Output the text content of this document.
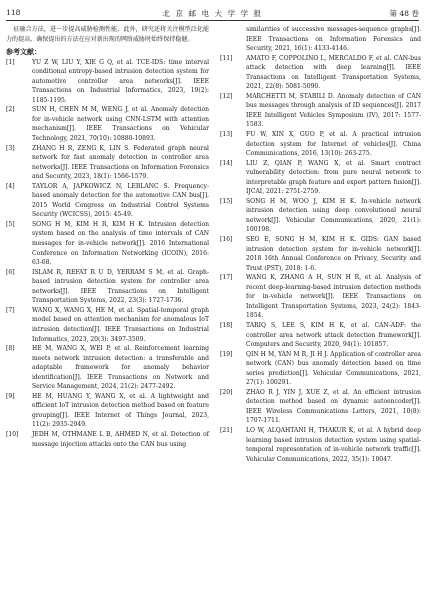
118	北 京 邮 电 大 学 学 报	第 48 卷

征融合方法，进一步提高威胁检测性能。此外，研究还将关注模型泛化能力的提高，确保提出的方法在应对新出现的网络威胁时始终保持稳健。

参考文献：
[1]	YU Z W, LIU Y, XIE G Q, et al. TCE-IDS: time interval conditional entropy-based intrusion detection system for automotive controller area networks[J]. IEEE Transactions on Industrial Informatics, 2023, 19(2): 1185-1195.
[2]	SUN H, CHEN M M, WENG J, et al. Anomaly detection for in-vehicle network using CNN-LSTM with attention mechanism[J]. IEEE Transactions on Vehicular Technology, 2021, 70(10): 10880-10893.
[3]	ZHANG H R, ZENG K, LIN S. Federated graph neural network for fast anomaly detection in controller area networks[J]. IEEE Transactions on Information Forensics and Security, 2023, 18(1): 1566-1579.
[4]	TAYLOR A, JAPKOWICZ N, LEBLANC S. Frequency-based anomaly detection for the automotive CAN bus[J]. 2015 World Congress on Industrial Control Systems Security (WCICSS), 2015: 45-49.
[5]	SONG H M, KIM H R, KIM H K. Intrusion detection system based on the analysis of time intervals of CAN messages for in-vehicle network[J]. 2016 International Conference on Information Networking (ICOIN), 2016: 63-68.
[6]	ISLAM R, REFAT R U D, YERRAM S M, et al. Graph-based intrusion detection system for controller area networks[J]. IEEE Transactions on Intelligent Transportation Systems, 2022, 23(3): 1727-1736.
[7]	WANG X, WANG X, HE M, et al. Spatial-temporal graph model based on attention mechanism for anomalous IoT intrusion detection[J]. IEEE Transactions on Industrial Informatics, 2023, 20(3): 3497-3509.
[8]	HE M, WANG X, WEI P, et al. Reinforcement learning meets network intrusion detection: a transferable and adaptable framework for anomaly behavior identification[J]. IEEE Transactions on Network and Service Management, 2024, 21(2): 2477-2492.
[9]	HE M, HUANG Y, WANG X, et al. A lightweight and efficient IoT intrusion detection method based on feature grouping[J]. IEEE Internet of Things Journal, 2023, 11(2): 2935-2949.
[10]	JEDH M, OTHMANE L B, AHMED N, et al. Detection of message injection attacks onto the CAN bus using
similarities of successive messages-sequence graphs[J]. IEEE Transactions on Information Forensics and Security, 2021, 16(1): 4133-4146.
[11]	AMATO F, COPPOLINO L, MERCALDO F, et al. CAN-bus attack detection with deep learning[J]. IEEE Transactions on Intelligent Transportation Systems, 2021, 22(8): 5081-5090.
[12]	MARCHETTI M, STABILI D. Anomaly detection of CAN bus messages through analysis of ID sequences[J]. 2017 IEEE Intelligent Vehicles Symposium (IV), 2017: 1577-1583.
[13]	FU W, XIN X, GUO P, et al. A practical intrusion detection system for Internet of vehicles[J]. China Communications, 2016, 13(10): 263-275.
[14]	LIU Z, QIAN P, WANG X, et al. Smart contract vulnerability detection: from pure neural network to interpretable graph feature and expert pattern fusion[J]. IJCAI, 2021: 2751-2759.
[15]	SONG H M, WOO J, KIM H K. In-vehicle network intrusion detection using deep convolutional neural network[J]. Vehicular Communications, 2020, 21(1): 100198.
[16]	SEO E, SONG H M, KIM H K. GIDS: GAN based intrusion detection system for in-vehicle network[J]. 2018 16th Annual Conference on Privacy, Security and Trust (PST), 2018: 1-6.
[17]	WANG K, ZHANG A H, SUN H R, et al. Analysis of recent deep-learning-based intrusion detection methods for in-vehicle network[J]. IEEE Transactions on Intelligent Transportation Systems, 2023, 24(2): 1843-1854.
[18]	TARIQ S, LEE S, KIM H K, et al. CAN-ADF: the controller area network attack detection framework[J]. Computers and Security, 2020, 94(1): 101857.
[19]	QIN H M, YAN M R, JI H J. Application of controller area network (CAN) bus anomaly detection based on time series prediction[J]. Vehicular Communications, 2021, 27(1): 100291.
[20]	ZHAO R J, YIN J, XUE Z, et al. An efficient intrusion detection method based on dynamic autoencoder[J]. IEEE Wireless Communications Letters, 2021, 10(8): 1707-1711.
[21]	LO W, ALQAHTANI H, THAKUR K, et al. A hybrid deep learning based intrusion detection system using spatial-temporal representation of in-vehicle network traffic[J]. Vehicular Communications, 2022, 35(1): 10047.
